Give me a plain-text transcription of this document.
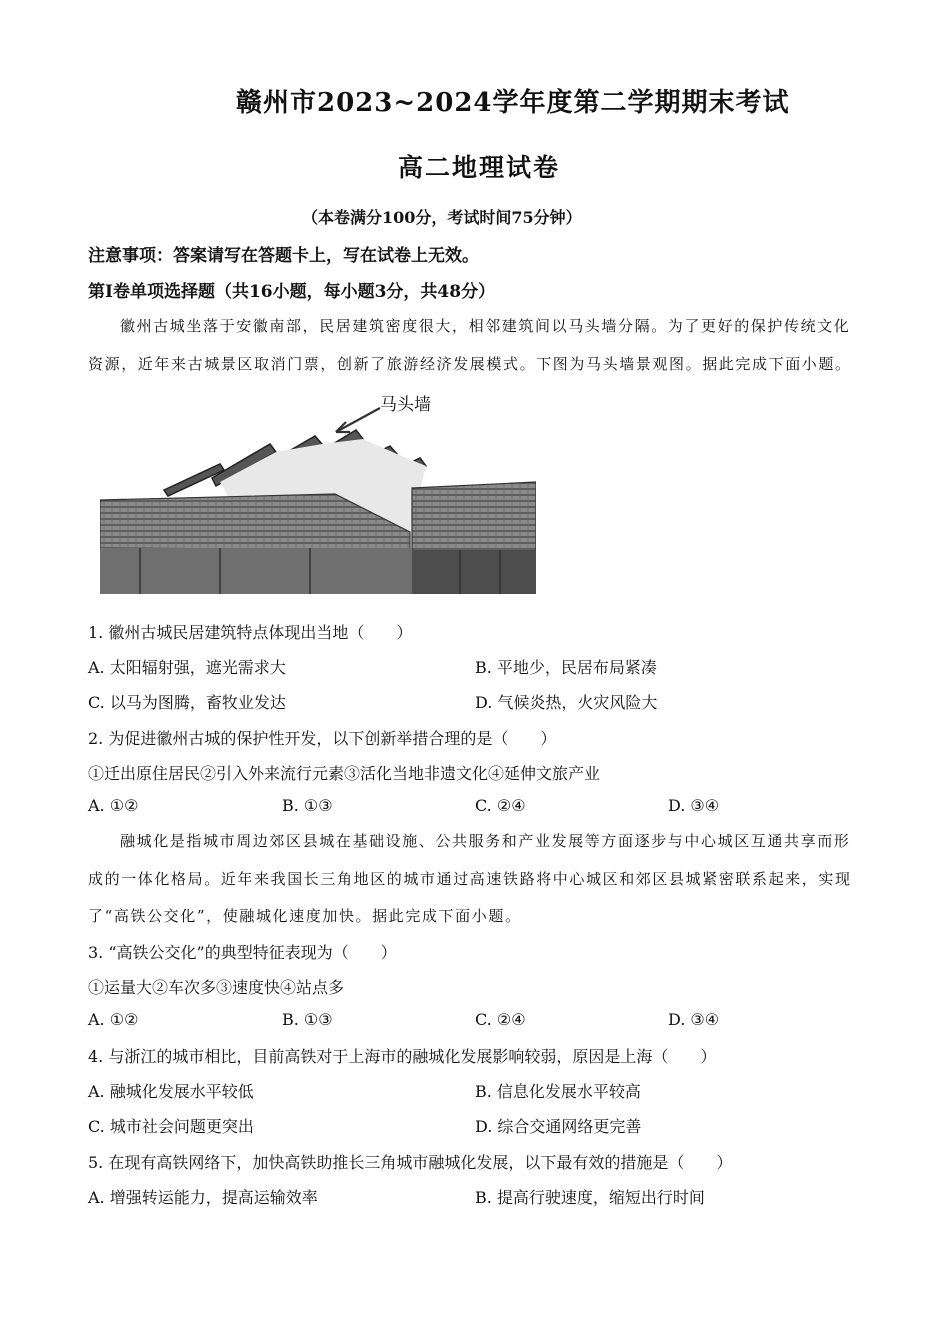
赣州市2023~2024学年度第二学期期末考试
高二地理试卷
（本卷满分100分，考试时间75分钟）
注意事项：答案请写在答题卡上，写在试卷上无效。
第I卷单项选择题（共16小题，每小题3分，共48分）
徽州古城坐落于安徽南部，民居建筑密度很大，相邻建筑间以马头墙分隔。为了更好的保护传统文化
资源，近年来古城景区取消门票，创新了旅游经济发展模式。下图为马头墙景观图。据此完成下面小题。
马头墙
1. 徽州古城民居建筑特点体现出当地（　　）
A. 太阳辐射强，遮光需求大	B. 平地少，民居布局紧凑
C. 以马为图腾，畜牧业发达	D. 气候炎热，火灾风险大
2. 为促进徽州古城的保护性开发，以下创新举措合理的是（　　）
①迁出原住居民②引入外来流行元素③活化当地非遗文化④延伸文旅产业
A. ①②	B. ①③	C. ②④	D. ③④
融城化是指城市周边郊区县城在基础设施、公共服务和产业发展等方面逐步与中心城区互通共享而形
成的一体化格局。近年来我国长三角地区的城市通过高速铁路将中心城区和郊区县城紧密联系起来，实现
了“高铁公交化”，使融城化速度加快。据此完成下面小题。
3. “高铁公交化”的典型特征表现为（　　）
①运量大②车次多③速度快④站点多
A. ①②	B. ①③	C. ②④	D. ③④
4. 与浙江的城市相比，目前高铁对于上海市的融城化发展影响较弱，原因是上海（　　）
A. 融城化发展水平较低	B. 信息化发展水平较高
C. 城市社会问题更突出	D. 综合交通网络更完善
5. 在现有高铁网络下，加快高铁助推长三角城市融城化发展，以下最有效的措施是（　　）
A. 增强转运能力，提高运输效率	B. 提高行驶速度，缩短出行时间
